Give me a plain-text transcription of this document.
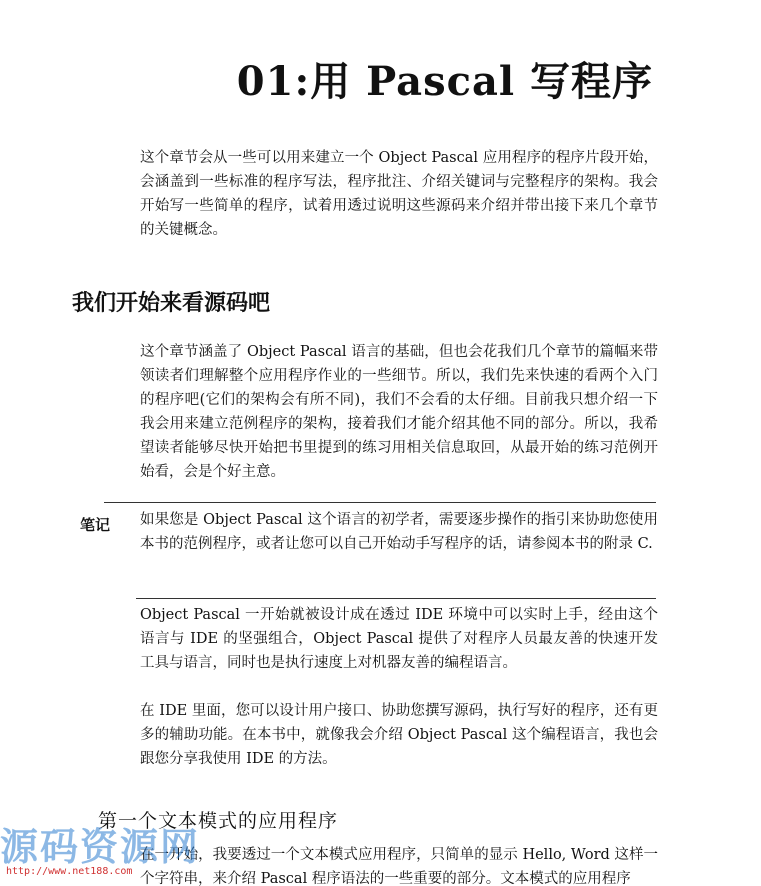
01:用 Pascal 写程序

这个章节会从一些可以用来建立一个 Object Pascal 应用程序的程序片段开始，会涵盖到一些标准的程序写法，程序批注、介绍关键词与完整程序的架构。我会开始写一些简单的程序，试着用透过说明这些源码来介绍并带出接下来几个章节的关键概念。

我们开始来看源码吧

这个章节涵盖了 Object Pascal 语言的基础，但也会花我们几个章节的篇幅来带领读者们理解整个应用程序作业的一些细节。所以，我们先来快速的看两个入门的程序吧(它们的架构会有所不同)，我们不会看的太仔细。目前我只想介绍一下我会用来建立范例程序的架构，接着我们才能介绍其他不同的部分。所以，我希望读者能够尽快开始把书里提到的练习用相关信息取回，从最开始的练习范例开始看，会是个好主意。

笔记 如果您是 Object Pascal 这个语言的初学者，需要逐步操作的指引来协助您使用本书的范例程序，或者让您可以自己开始动手写程序的话，请参阅本书的附录 C.

Object Pascal 一开始就被设计成在透过 IDE 环境中可以实时上手，经由这个语言与 IDE 的坚强组合，Object Pascal 提供了对程序人员最友善的快速开发工具与语言，同时也是执行速度上对机器友善的编程语言。

在 IDE 里面，您可以设计用户接口、协助您撰写源码，执行写好的程序，还有更多的辅助功能。在本书中，就像我会介绍 Object Pascal 这个编程语言，我也会跟您分享我使用 IDE 的方法。

第一个文本模式的应用程序

在一开始，我要透过一个文本模式应用程序，只简单的显示 Hello, Word 这样一个字符串，来介绍 Pascal 程序语法的一些重要的部分。文本模式的应用程序

源码资源网
http://www.net188.com
